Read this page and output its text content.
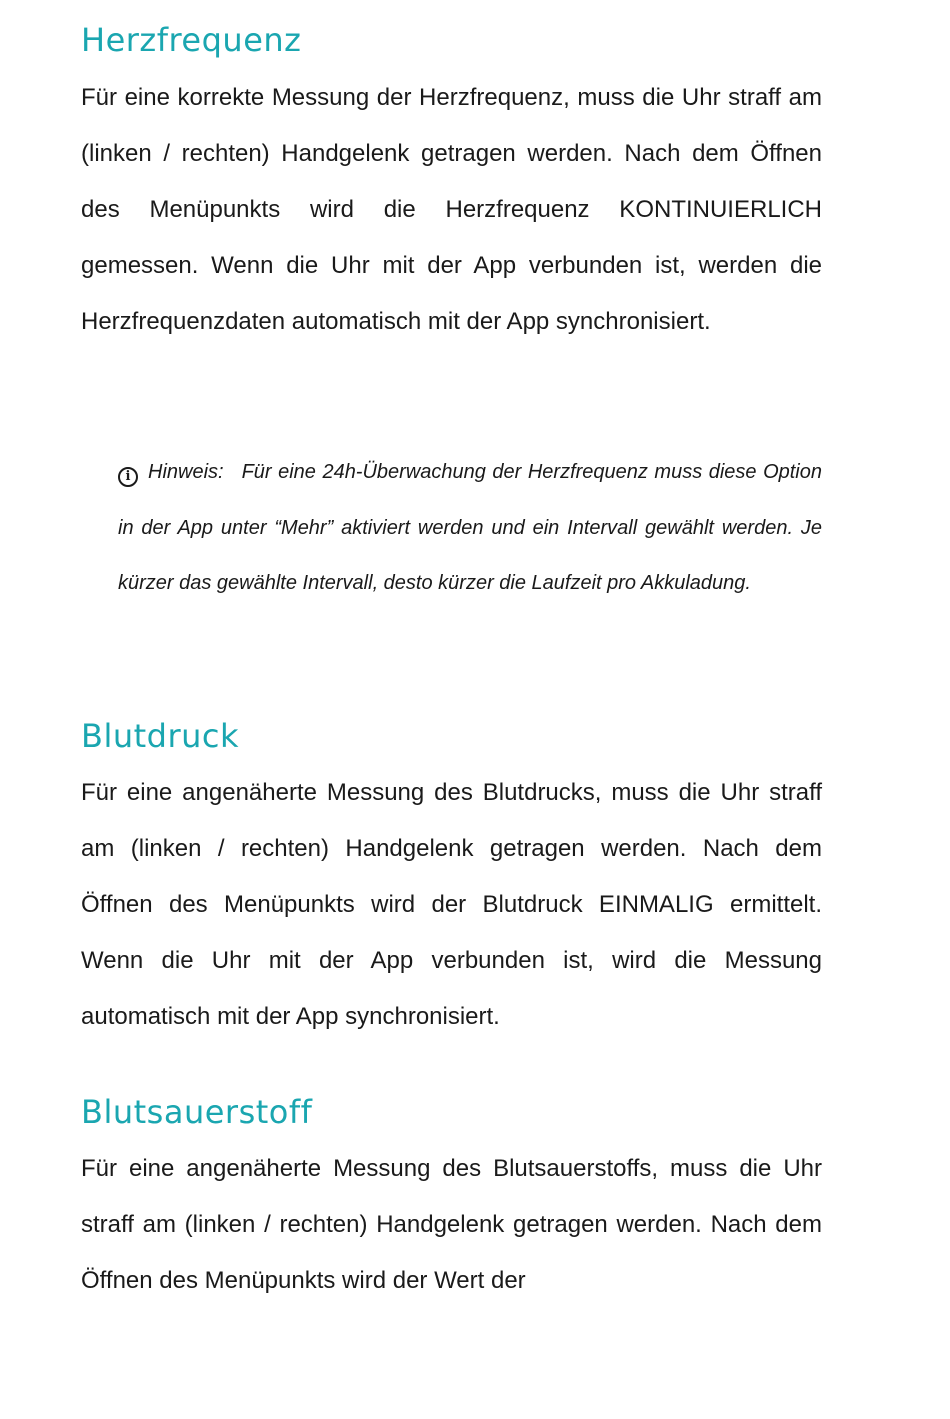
Herzfrequenz

Für eine korrekte Messung der Herzfrequenz, muss die Uhr straff am (linken / rechten) Handgelenk getragen werden. Nach dem Öffnen des Menüpunkts wird die Herzfrequenz KONTINUIERLICH gemessen. Wenn die Uhr mit der App verbunden ist, werden die Herzfrequenzdaten automatisch mit der App synchronisiert.

i Hinweis: Für eine 24h-Überwachung der Herzfrequenz muss diese Option in der App unter “Mehr” aktiviert werden und ein Intervall gewählt werden. Je kürzer das gewählte Intervall, desto kürzer die Laufzeit pro Akkuladung.

Blutdruck

Für eine angenäherte Messung des Blutdrucks, muss die Uhr straff am (linken / rechten) Handgelenk getragen werden. Nach dem Öffnen des Menüpunkts wird der Blutdruck EINMALIG ermittelt. Wenn die Uhr mit der App verbunden ist, wird die Messung automatisch mit der App synchronisiert.

Blutsauerstoff

Für eine angenäherte Messung des Blutsauerstoffs, muss die Uhr straff am (linken / rechten) Handgelenk getragen werden. Nach dem Öffnen des Menüpunkts wird der Wert der
